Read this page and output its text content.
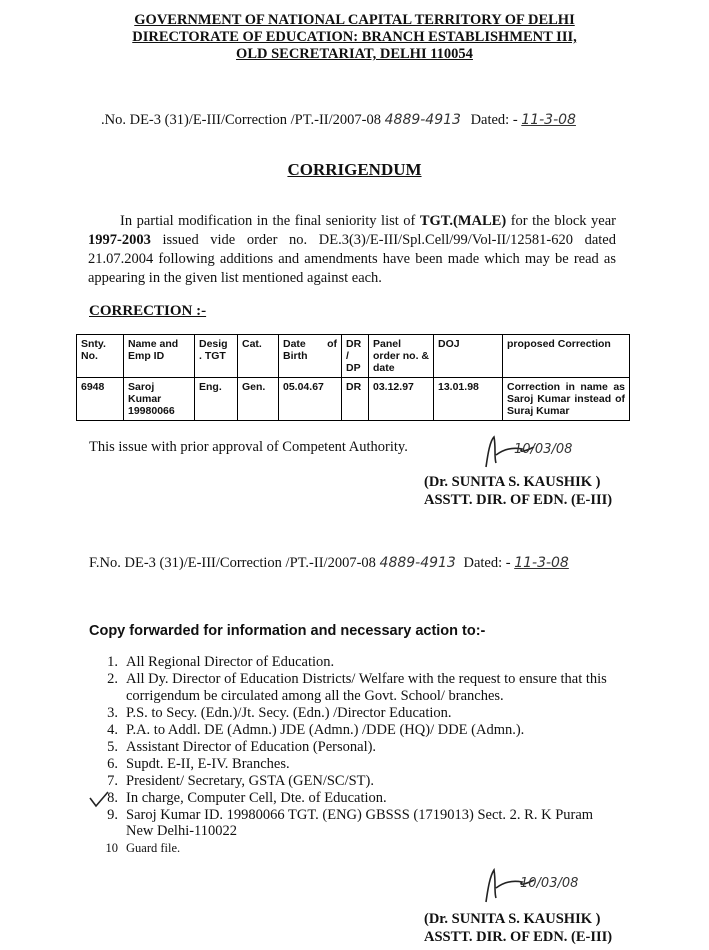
GOVERNMENT OF NATIONAL CAPITAL TERRITORY OF DELHI
DIRECTORATE OF EDUCATION: BRANCH ESTABLISHMENT III,
OLD SECRETARIAT, DELHI 110054
.No. DE-3 (31)/E-III/Correction /PT.-II/2007-08 4889-4913 Dated: - 11-3-08
CORRIGENDUM
In partial modification in the final seniority list of TGT.(MALE) for the block year 1997-2003 issued vide order no. DE.3(3)/E-III/Spl.Cell/99/Vol-II/12581-620 dated 21.07.2004 following additions and amendments have been made which may be read as appearing in the given list mentioned against each.
CORRECTION :-
Snty. No.	Name and Emp ID	Desig . TGT	Cat.	Date of Birth	DR / DP	Panel order no. & date	DOJ	proposed Correction
6948	Saroj Kumar 19980066	Eng.	Gen.	05.04.67	DR	03.12.97	13.01.98	Correction in name as Saroj Kumar instead of Suraj Kumar
This issue with prior approval of Competent Authority.	10/03/08
(Dr. SUNITA S. KAUSHIK )
ASSTT. DIR. OF EDN. (E-III)
F.No. DE-3 (31)/E-III/Correction /PT.-II/2007-08 4889-4913 Dated: - 11-3-08
Copy forwarded for information and necessary action to:-
1. All Regional Director of Education.
2. All Dy. Director of Education Districts/ Welfare with the request to ensure that this corrigendum be circulated among all the Govt. School/ branches.
3. P.S. to Secy. (Edn.)/Jt. Secy. (Edn.) /Director Education.
4. P.A. to Addl. DE (Admn.) JDE (Admn.) /DDE (HQ)/ DDE (Admn.).
5. Assistant Director of Education (Personal).
6. Supdt. E-II, E-IV. Branches.
7. President/ Secretary, GSTA (GEN/SC/ST).
8. In charge, Computer Cell, Dte. of Education.
9. Saroj Kumar ID. 19980066 TGT. (ENG) GBSSS (1719013) Sect. 2. R. K Puram New Delhi-110022
10 Guard file.
10/03/08
(Dr. SUNITA S. KAUSHIK )
ASSTT. DIR. OF EDN. (E-III)
